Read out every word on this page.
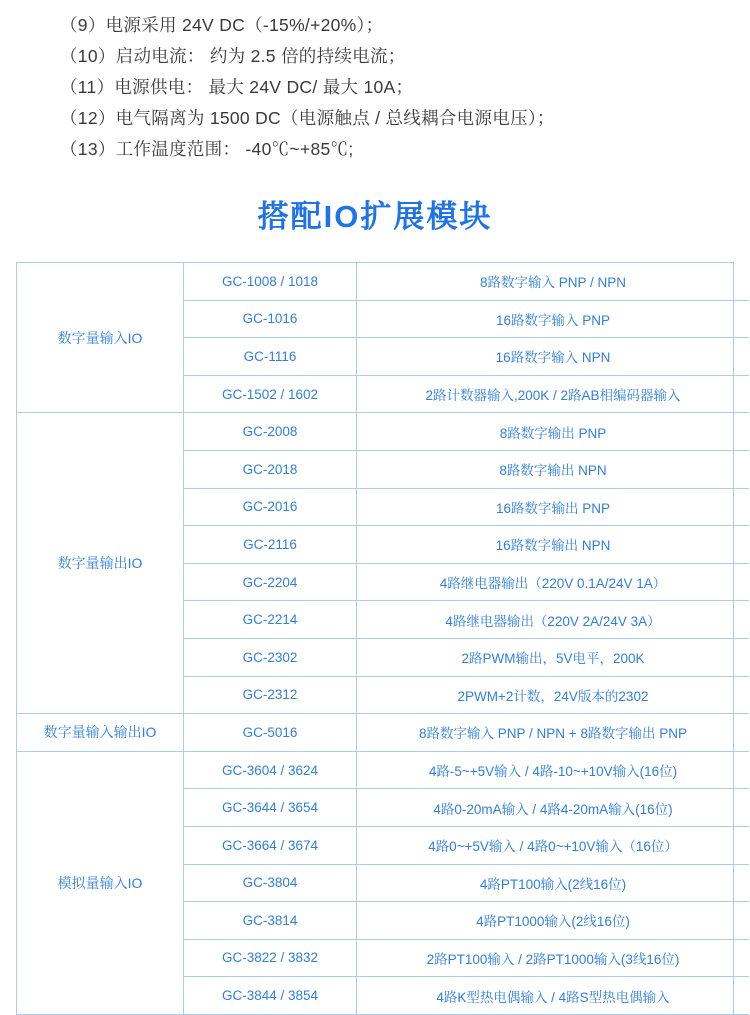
（9）电源采用 24V DC（-15%/+20%）；
（10）启动电流： 约为 2.5 倍的持续电流；
（11）电源供电： 最大 24V DC/ 最大 10A；
（12）电气隔离为 1500 DC（电源触点 / 总线耦合电源电压）；
（13）工作温度范围： -40℃~+85℃;
搭配IO扩展模块
数字量输入IO	GC-1008 / 1018	8路数字输入 PNP / NPN
	GC-1016	16路数字输入 PNP
	GC-1116	16路数字输入 NPN
	GC-1502 / 1602	2路计数器输入,200K / 2路AB相编码器输入
数字量输出IO	GC-2008	8路数字输出 PNP
	GC-2018	8路数字输出 NPN
	GC-2016	16路数字输出 PNP
	GC-2116	16路数字输出 NPN
	GC-2204	4路继电器输出（220V 0.1A/24V 1A）
	GC-2214	4路继电器输出（220V 2A/24V 3A）
	GC-2302	2路PWM输出，5V电平，200K
	GC-2312	2PWM+2计数，24V版本的2302
数字量输入输出IO	GC-5016	8路数字输入 PNP / NPN + 8路数字输出 PNP
模拟量输入IO	GC-3604 / 3624	4路-5~+5V输入 / 4路-10~+10V输入(16位)
	GC-3644 / 3654	4路0-20mA输入 / 4路4-20mA输入(16位)
	GC-3664 / 3674	4路0~+5V输入 / 4路0~+10V输入（16位）
	GC-3804	4路PT100输入(2线16位)
	GC-3814	4路PT1000输入(2线16位)
	GC-3822 / 3832	2路PT100输入 / 2路PT1000输入(3线16位)
	GC-3844 / 3854	4路K型热电偶输入 / 4路S型热电偶输入
